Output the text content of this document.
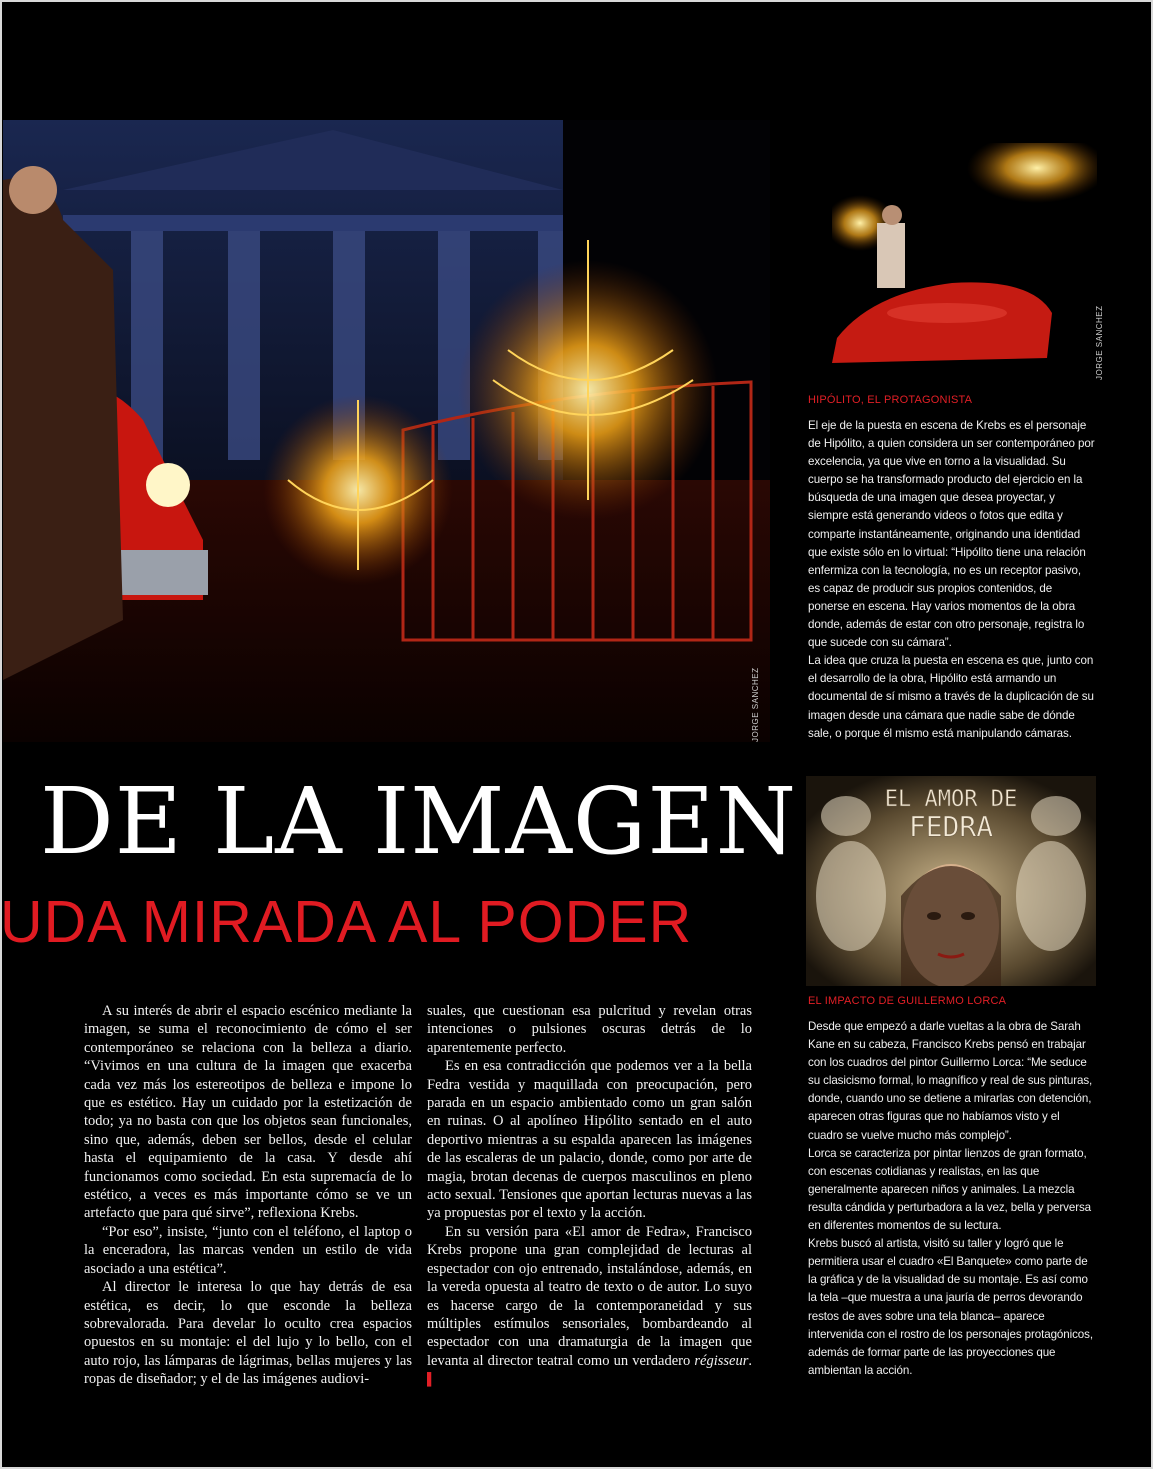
JORGE SANCHEZ
JORGE SANCHEZ
HIPÓLITO, EL PROTAGONISTA

El eje de la puesta en escena de Krebs es el personaje de Hipólito, a quien considera un ser contemporáneo por excelencia, ya que vive en torno a la visualidad. Su cuerpo se ha transformado producto del ejercicio en la búsqueda de una imagen que desea proyectar, y siempre está generando videos o fotos que edita y comparte instantáneamente, originando una identidad que existe sólo en lo virtual: “Hipólito tiene una relación enfermiza con la tecnología, no es un receptor pasivo, es capaz de producir sus propios contenidos, de ponerse en escena. Hay varios momentos de la obra donde, además de estar con otro personaje, registra lo que sucede con su cámara”.

La idea que cruza la puesta en escena es que, junto con el desarrollo de la obra, Hipólito está armando un documental de sí mismo a través de la duplicación de su imagen desde una cámara que nadie sabe de dónde sale, o porque él mismo está manipulando cámaras.

DE LA IMAGEN
UDA MIRADA AL PODER
EL AMOR DE
FEDRA
EL IMPACTO DE GUILLERMO LORCA

Desde que empezó a darle vueltas a la obra de Sarah Kane en su cabeza, Francisco Krebs pensó en trabajar con los cuadros del pintor Guillermo Lorca: “Me seduce su clasicismo formal, lo magnífico y real de sus pinturas, donde, cuando uno se detiene a mirarlas con detención, aparecen otras figuras que no habíamos visto y el cuadro se vuelve mucho más complejo”.

Lorca se caracteriza por pintar lienzos de gran formato, con escenas cotidianas y realistas, en las que generalmente aparecen niños y animales. La mezcla resulta cándida y perturbadora a la vez, bella y perversa en diferentes momentos de su lectura.

Krebs buscó al artista, visitó su taller y logró que le permitiera usar el cuadro «El Banquete» como parte de la gráfica y de la visualidad de su montaje. Es así como la tela –que muestra a una jauría de perros devorando restos de aves sobre una tela blanca– aparece intervenida con el rostro de los personajes protagónicos, además de formar parte de las proyecciones que ambientan la acción.

A su interés de abrir el espacio escénico mediante la imagen, se suma el reconocimiento de cómo el ser contemporáneo se relaciona con la belleza a diario. “Vivimos en una cultura de la imagen que exacerba cada vez más los estereotipos de belleza e impone lo que es estético. Hay un cuidado por la estetización de todo; ya no basta con que los objetos sean funcionales, sino que, además, deben ser bellos, desde el celular hasta el equipamiento de la casa. Y desde ahí funcionamos como sociedad. En esta supremacía de lo estético, a veces es más importante cómo se ve un artefacto que para qué sirve”, reflexiona Krebs.

“Por eso”, insiste, “junto con el teléfono, el laptop o la enceradora, las marcas venden un estilo de vida asociado a una estética”.

Al director le interesa lo que hay detrás de esa estética, es decir, lo que esconde la belleza sobrevalorada. Para develar lo oculto crea espacios opuestos en su montaje: el del lujo y lo bello, con el auto rojo, las lámparas de lágrimas, bellas mujeres y las ropas de diseñador; y el de las imágenes audiovi-

suales, que cuestionan esa pulcritud y revelan otras intenciones o pulsiones oscuras detrás de lo aparentemente perfecto.

Es en esa contradicción que podemos ver a la bella Fedra vestida y maquillada con preocupación, pero parada en un espacio ambientado como un gran salón en ruinas. O al apolíneo Hipólito sentado en el auto deportivo mientras a su espalda aparecen las imágenes de las escaleras de un palacio, donde, como por arte de magia, brotan decenas de cuerpos masculinos en pleno acto sexual. Tensiones que aportan lecturas nuevas a las ya propuestas por el texto y la acción.

En su versión para «El amor de Fedra», Francisco Krebs propone una gran complejidad de lecturas al espectador con ojo entrenado, instalándose, además, en la vereda opuesta al teatro de texto o de autor. Lo suyo es hacerse cargo de la contemporaneidad y sus múltiples estímulos sensoriales, bombardeando al espectador con una dramaturgia de la imagen que levanta al director teatral como un verdadero régisseur. ▌
